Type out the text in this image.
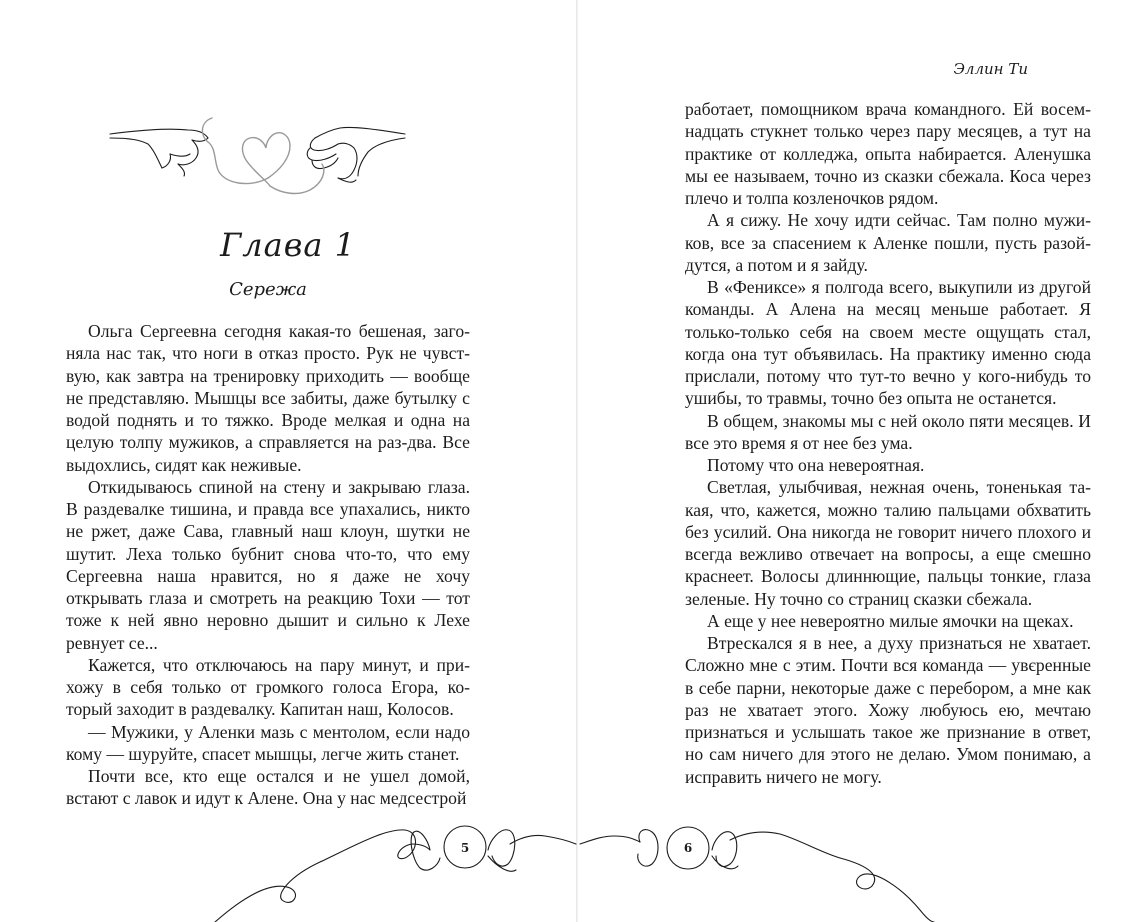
Глава 1
Сережа

Ольга Сергеевна сегодня какая-то бешеная, загоняла нас так, что ноги в отказ просто. Рук не чувствую, как завтра на тренировку приходить — вообще не представляю. Мышцы все забиты, даже бутылку с водой поднять и то тяжко. Вроде мелкая и одна на целую толпу мужиков, а справляется на раз-два. Все выдохлись, сидят как неживые.

Откидываюсь спиной на стену и закрываю глаза. В раздевалке тишина, и правда все упахались, никто не ржет, даже Сава, главный наш клоун, шутки не шутит. Леха только бубнит снова что-то, что ему Сергеевна наша нравится, но я даже не хочу открывать глаза и смотреть на реакцию Тохи — тот тоже к ней явно неровно дышит и сильно к Лехе ревнует се...

Кажется, что отключаюсь на пару минут, и прихожу в себя только от громкого голоса Егора, который заходит в раздевалку. Капитан наш, Колосов.

— Мужики, у Аленки мазь с ментолом, если надо кому — шуруйте, спасет мышцы, легче жить станет.

Почти все, кто еще остался и не ушел домой, встают с лавок и идут к Алене. Она у нас медсестрой

Эллин Ти

работает, помощником врача командного. Ей восемнадцать стукнет только через пару месяцев, а тут на практике от колледжа, опыта набирается. Аленушка мы ее называем, точно из сказки сбежала. Коса через плечо и толпа козленочков рядом.

А я сижу. Не хочу идти сейчас. Там полно мужиков, все за спасением к Аленке пошли, пусть разойдутся, а потом и я зайду.

В «Фениксе» я полгода всего, выкупили из другой команды. А Алена на месяц меньше работает. Я только-только себя на своем месте ощущать стал, когда она тут объявилась. На практику именно сюда прислали, потому что тут-то вечно у кого-нибудь то ушибы, то травмы, точно без опыта не останется.

В общем, знакомы мы с ней около пяти месяцев. И все это время я от нее без ума.

Потому что она невероятная.

Светлая, улыбчивая, нежная очень, тоненькая такая, что, кажется, можно талию пальцами обхватить без усилий. Она никогда не говорит ничего плохого и всегда вежливо отвечает на вопросы, а еще смешно краснеет. Волосы длиннющие, пальцы тонкие, глаза зеленые. Ну точно со страниц сказки сбежала.

А еще у нее невероятно милые ямочки на щеках.

Втрескался я в нее, а духу признаться не хватает. Сложно мне с этим. Почти вся команда — увєренные в себе парни, некоторые даже с перебором, а мне как раз не хватает этого. Хожу любуюсь ею, мечтаю признаться и услышать такое же признание в ответ, но сам ничего для этого не делаю. Умом понимаю, а исправить ничего не могу.

5	6
